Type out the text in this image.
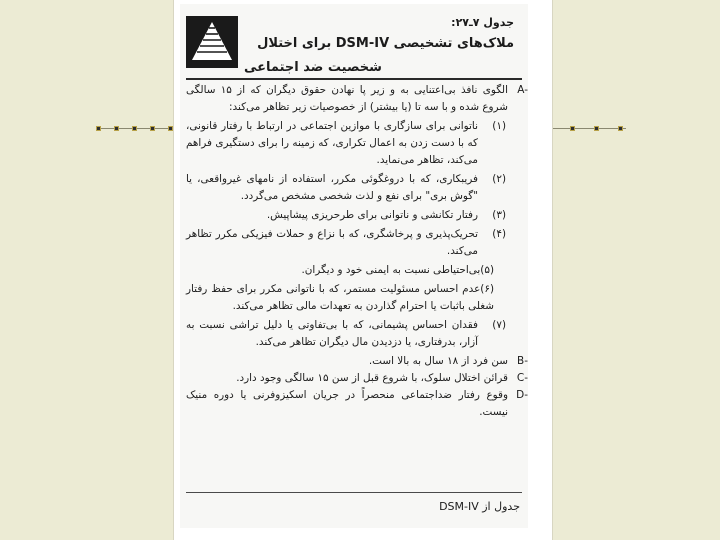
جدول ۷ـ۲۷:
ملاک‌های تشخیصی DSM-IV برای اختلال
شخصیت ضد اجتماعی
A-

الگوی نافذ بی‌اعتنایی به و زیر پا نهادن حقوق دیگران که از ۱۵ سالگی شروع شده و با سه تا (یا بیشتر) از خصوصیات زیر تظاهر می‌کند:

(۱)

ناتوانی برای سازگاری با موازین اجتماعی در ارتباط با رفتار قانونی، که با دست زدن به اعمال تکراری، که زمینه را برای دستگیری فراهم می‌کند، تظاهر می‌نماید.

(۲)

فریبکاری، که با دروغگوئی مکرر، استفاده از نامهای غیرواقعی، یا "گوش بری" برای نفع و لذت شخصی مشخص می‌گردد.

(۳)

رفتار تکانشی و ناتوانی برای طرحریزی پیشاپیش.

(۴)

تحریک‌پذیری و پرخاشگری، که با نزاع و حملات فیزیکی مکرر تظاهر می‌کند.

(۵)بی‌احتیاطی نسبت به ایمنی خود و دیگران.

(۶)عدم احساس مسئولیت مستمر، که با ناتوانی مکرر برای حفظ رفتار شغلی باثبات یا احترام گذاردن به تعهدات مالی تظاهر می‌کند.

(۷)

فقدان احساس پشیمانی، که با بی‌تفاوتی یا دلیل تراشی نسبت به آزار، بدرفتاری، یا دزدیدن مال دیگران تظاهر می‌کند.

B-

سن فرد از ۱۸ سال به بالا است.

C-

قرائن اختلال سلوک، با شروع قبل از سن ۱۵ سالگی وجود دارد.

D-

وقوع رفتار ضداجتماعی منحصراً در جریان اسکیزوفرنی یا دوره منیک نیست.

جدول از DSM-IV
